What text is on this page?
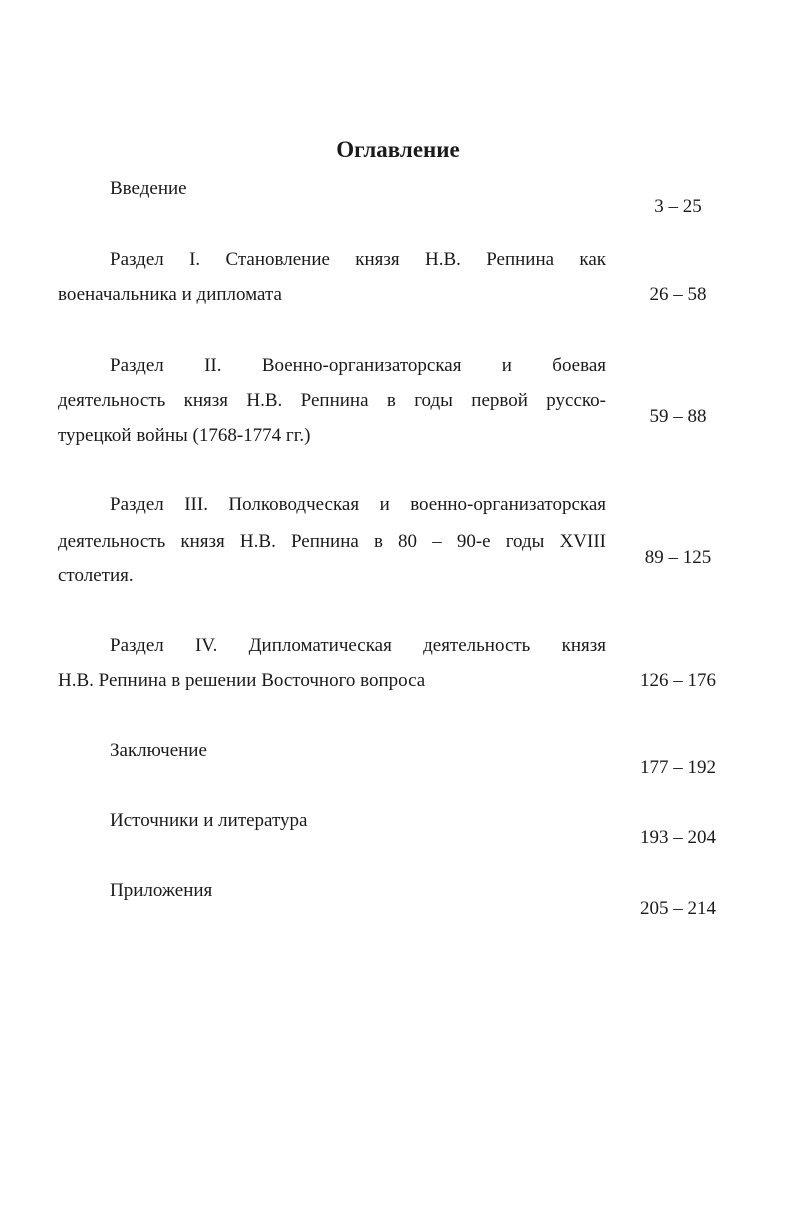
Оглавление
Введение
3 – 25
Раздел I. Становление князя Н.В. Репнина как
военачальника и дипломата	26 – 58
Раздел II. Военно-организаторская и боевая
деятельность князя Н.В. Репнина в годы первой русско-
турецкой войны (1768-1774 гг.)
59 – 88
Раздел III. Полководческая и военно-организаторская
деятельность князя Н.В. Репнина в 80 – 90-е годы XVIII
столетия.
89 – 125
Раздел IV. Дипломатическая деятельность князя
Н.В. Репнина в решении Восточного вопроса	126 – 176
Заключение
177 – 192
Источники и литература
193 – 204
Приложения
205 – 214
